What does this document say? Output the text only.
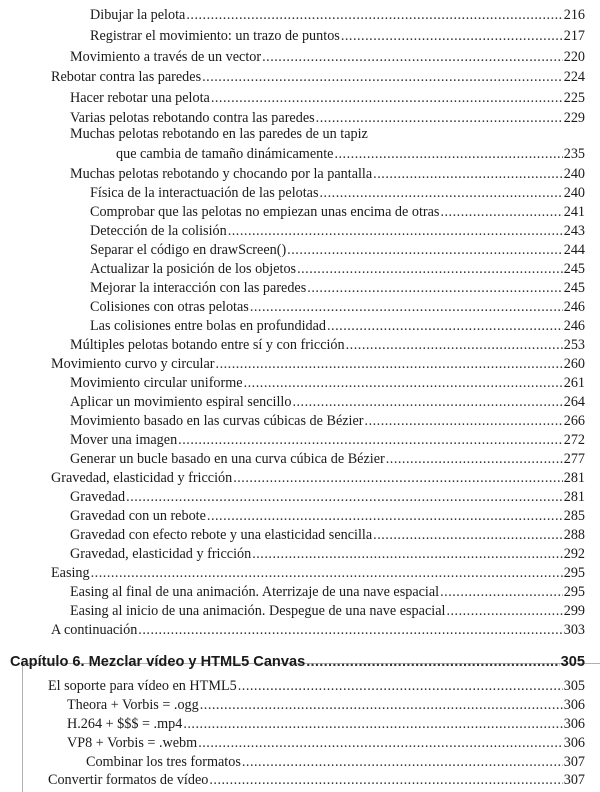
Dibujar la pelota .....	216
Registrar el movimiento: un trazo de puntos .....	217
Movimiento a través de un vector .....	220
Rebotar contra las paredes .....	224
Hacer rebotar una pelota .....	225
Varias pelotas rebotando contra las paredes .....	229
Muchas pelotas rebotando en las paredes de un tapiz
que cambia de tamaño dinámicamente .....	235
Muchas pelotas rebotando y chocando por la pantalla .....	240
Física de la interactuación de las pelotas .....	240
Comprobar que las pelotas no empiezan unas encima de otras .....	241
Detección de la colisión .....	243
Separar el código en drawScreen() .....	244
Actualizar la posición de los objetos .....	245
Mejorar la interacción con las paredes .....	245
Colisiones con otras pelotas .....	246
Las colisiones entre bolas en profundidad .....	246
Múltiples pelotas botando entre sí y con fricción .....	253
Movimiento curvo y circular .....	260
Movimiento circular uniforme .....	261
Aplicar un movimiento espiral sencillo .....	264
Movimiento basado en las curvas cúbicas de Bézier .....	266
Mover una imagen .....	272
Generar un bucle basado en una curva cúbica de Bézier .....	277
Gravedad, elasticidad y fricción .....	281
Gravedad .....	281
Gravedad con un rebote .....	285
Gravedad con efecto rebote y una elasticidad sencilla .....	288
Gravedad, elasticidad y fricción .....	292
Easing .....	295
Easing al final de una animación. Aterrizaje de una nave espacial .....	295
Easing al inicio de una animación. Despegue de una nave espacial .....	299
A continuación .....	303
Capítulo 6. Mezclar vídeo y HTML5 Canvas .....	305
El soporte para vídeo en HTML5 .....	305
Theora + Vorbis = .ogg .....	306
H.264 + $$$ = .mp4 .....	306
VP8 + Vorbis = .webm .....	306
Combinar los tres formatos .....	307
Convertir formatos de vídeo .....	307
